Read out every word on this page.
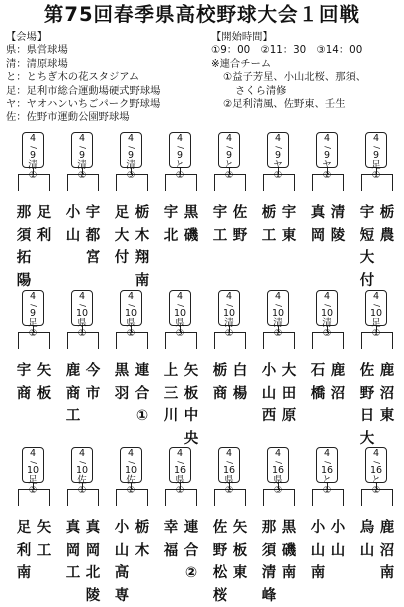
第75回春季県高校野球大会１回戦
【会場】
県：県営球場
清：清原球場
と：とちぎ木の花スタジアム
足：足利市総合運動場硬式野球場
ヤ：ヤオハンいちごパーク野球場
佐：佐野市運動公園野球場
【開始時間】
①9：00　②11：30　③14：00
※連合チーム
①益子芳星、小山北桜、那須、
さくら清修
②足利清風、佐野東、壬生
4
/
9
清
①
4
/
9
清
②
4
/
9
清
③
4
/
9
と
①
4
/
9
と
②
4
/
9
ヤ
①
4
/
9
ヤ
②
4
/
9
足
①
那
須
拓
陽
足
利
小
山
宇
都
宮
足
大
付
栃
木
翔
南
宇
北
黒
磯
宇
工
佐
野
栃
工
宇
東
真
岡
清
陵
宇
短
大
付
栃
農
4
/
9
足
②
4
/
10
県
①
4
/
10
県
②
4
/
10
県
③
4
/
10
清
①
4
/
10
清
②
4
/
10
清
③
4
/
10
足
①
宇
商
矢
板
鹿
商
工
今
市
黒
羽
連
合
①
上
三
川
矢
板
中
央
栃
商
白
楊
小
山
西
大
田
原
石
橋
鹿
沼
佐
野
日
大
鹿
沼
東
4
/
10
足
②
4
/
10
佐
①
4
/
10
佐
②
4
/
16
県
①
4
/
16
県
②
4
/
16
県
③
4
/
16
と
①
4
/
16
と
②
足
利
南
矢
工
真
岡
工
真
岡
北
陵
小
山
高
専
栃
木
幸
福
連
合
②
佐
野
松
桜
矢
板
東
那
須
清
峰
黒
磯
南
小
山
南
小
山
烏
山
鹿
沼
南
